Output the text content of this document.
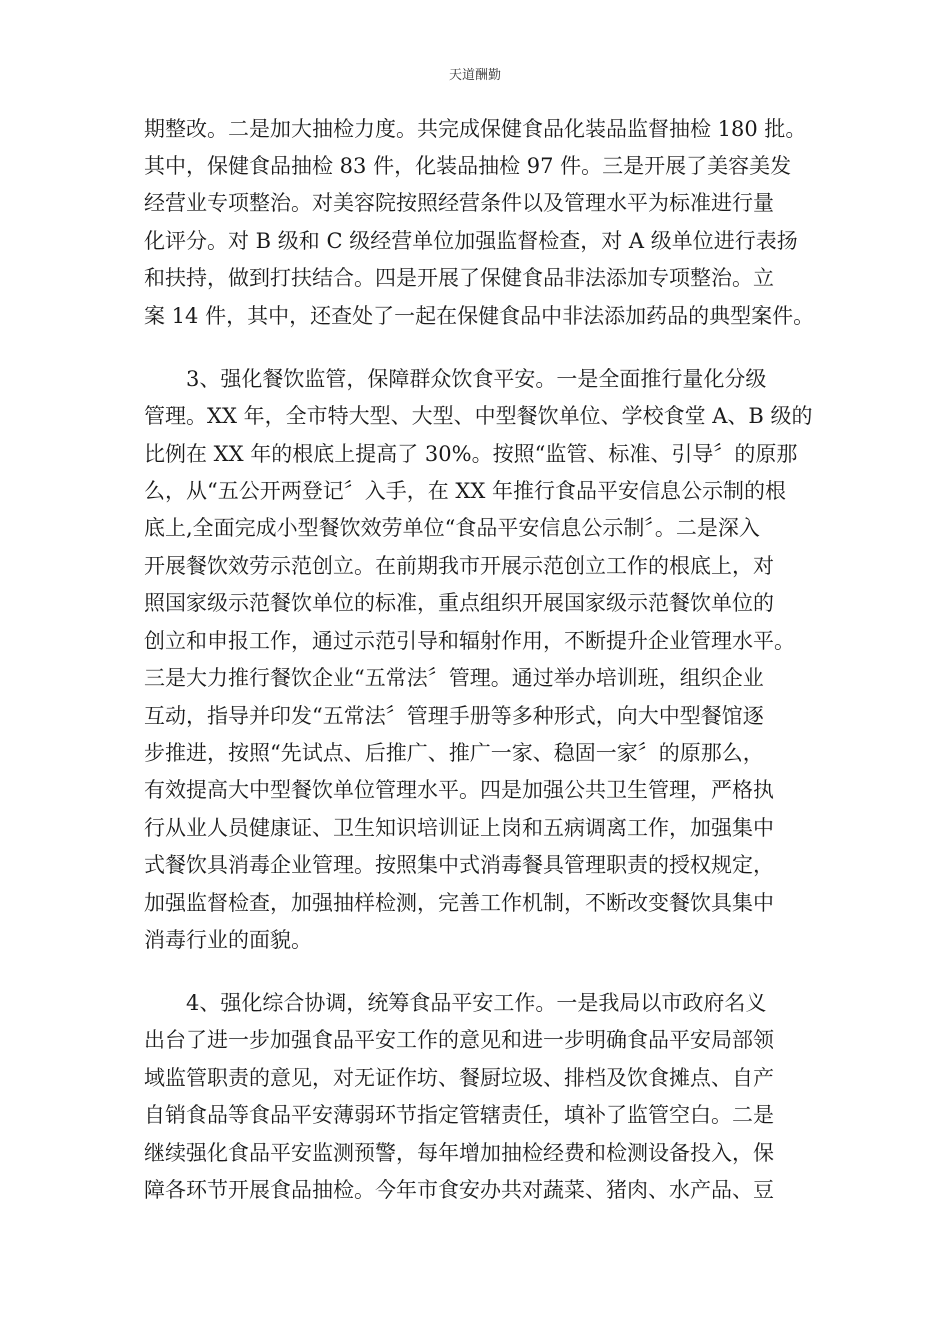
天道酬勤
期整改。二是加大抽检力度。共完成保健食品化装品监督抽检 180 批。
其中，保健食品抽检 83 件，化装品抽检 97 件。三是开展了美容美发
经营业专项整治。对美容院按照经营条件以及管理水平为标准进行量
化评分。对 B 级和 C 级经营单位加强监督检查，对 A 级单位进行表扬
和扶持，做到打扶结合。四是开展了保健食品非法添加专项整治。立
案 14 件，其中，还查处了一起在保健食品中非法添加药品的典型案件。
3、强化餐饮监管，保障群众饮食平安。一是全面推行量化分级
管理。XX 年，全市特大型、大型、中型餐饮单位、学校食堂 A、B 级的
比例在 XX 年的根底上提高了 30%。按照“监管、标准、引导〞的原那
么，从“五公开两登记〞入手，在 XX 年推行食品平安信息公示制的根
底上,全面完成小型餐饮效劳单位“食品平安信息公示制〞。二是深入
开展餐饮效劳示范创立。在前期我市开展示范创立工作的根底上，对
照国家级示范餐饮单位的标准，重点组织开展国家级示范餐饮单位的
创立和申报工作，通过示范引导和辐射作用，不断提升企业管理水平。
三是大力推行餐饮企业“五常法〞管理。通过举办培训班，组织企业
互动，指导并印发“五常法〞管理手册等多种形式，向大中型餐馆逐
步推进，按照“先试点、后推广、推广一家、稳固一家〞的原那么，
有效提高大中型餐饮单位管理水平。四是加强公共卫生管理，严格执
行从业人员健康证、卫生知识培训证上岗和五病调离工作，加强集中
式餐饮具消毒企业管理。按照集中式消毒餐具管理职责的授权规定，
加强监督检查，加强抽样检测，完善工作机制，不断改变餐饮具集中
消毒行业的面貌。
4、强化综合协调，统筹食品平安工作。一是我局以市政府名义
出台了进一步加强食品平安工作的意见和进一步明确食品平安局部领
域监管职责的意见，对无证作坊、餐厨垃圾、排档及饮食摊点、自产
自销食品等食品平安薄弱环节指定管辖责任，填补了监管空白。二是
继续强化食品平安监测预警，每年增加抽检经费和检测设备投入，保
障各环节开展食品抽检。今年市食安办共对蔬菜、猪肉、水产品、豆
